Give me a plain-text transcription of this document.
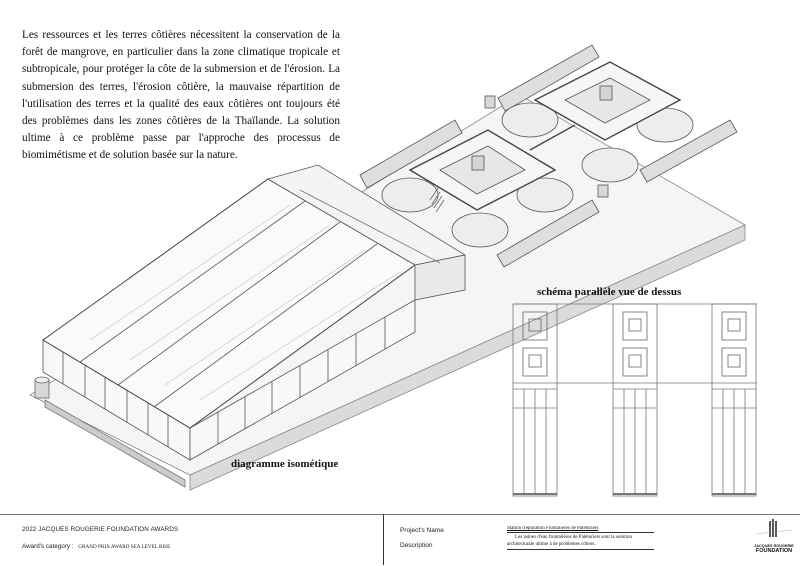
Les ressources et les terres côtières nécessitent la conservation de la forêt de mangrove, en particulier dans la zone climatique tropicale et subtropicale, pour protéger la côte de la submersion et de l'érosion. La submersion des terres, l'érosion côtière, la mauvaise répartition de l'utilisation des terres et la qualité des eaux côtières ont toujours été des problèmes dans les zones côtières de la Thaïlande. La solution ultime à ce problème passe par l'approche des processus de biomimétisme et de solution basée sur la nature.

diagramme isométique
schéma parallèle vue de dessus
2022 JACQUES ROUGERIE FOUNDATION AWARDS
Award's category : GRAND PRIX AWARD SEA LEVEL RISE
Project's Name
Description
Station d'épuration Frontalières de Paléturiers
Les usines d'eau frontalières de Paléturiers sont la solution architecturale ultime à de problèmes côtiers.	JACQUES ROUGERIE
FOUNDATION
